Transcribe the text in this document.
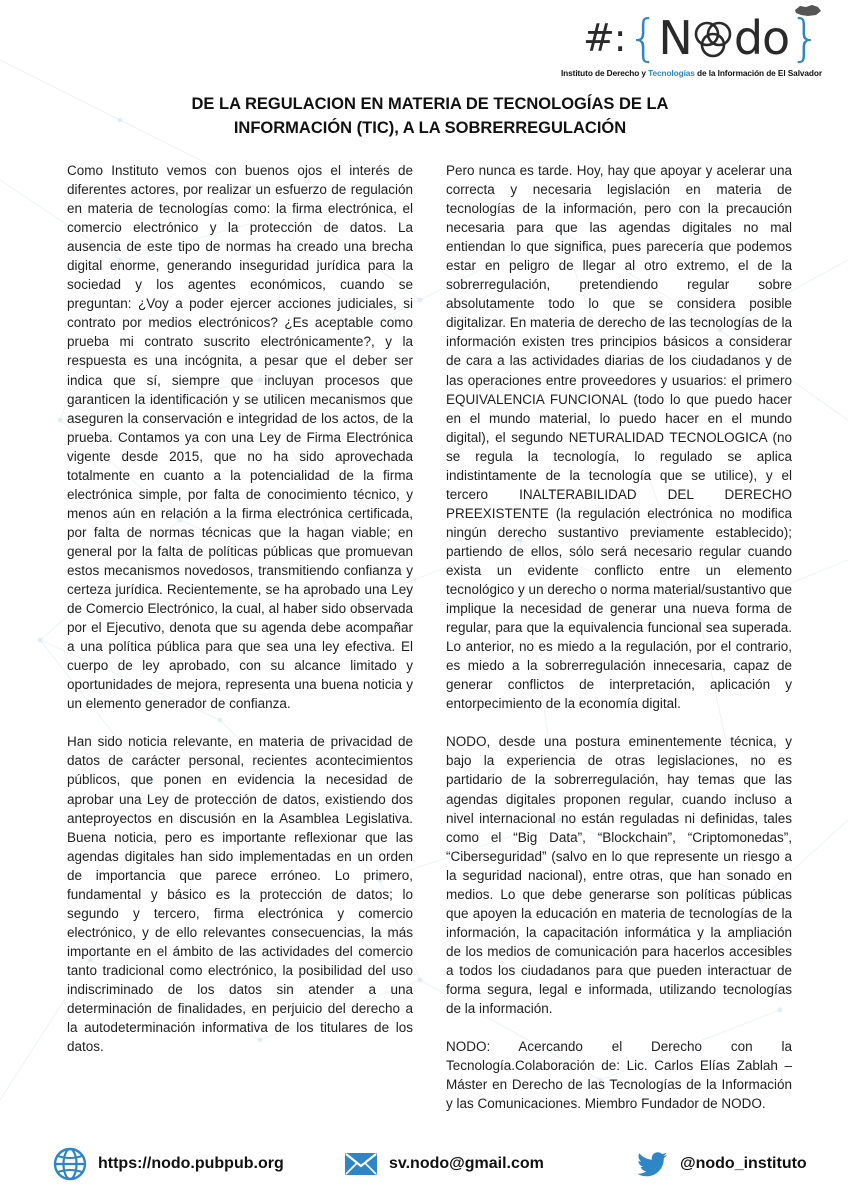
#: { N do }
Instituto de Derecho y Tecnologías de la Información de El Salvador
DE LA REGULACION EN MATERIA DE TECNOLOGÍAS DE LA
INFORMACIÓN (TIC), A LA SOBRERREGULACIÓN

Como Instituto vemos con buenos ojos el interés de diferentes actores, por realizar un esfuerzo de regulación en materia de tecnologías como: la firma electrónica, el comercio electrónico y la protección de datos. La ausencia de este tipo de normas ha creado una brecha digital enorme, generando inseguridad jurídica para la sociedad y los agentes económicos, cuando se preguntan: ¿Voy a poder ejercer acciones judiciales, si contrato por medios electrónicos? ¿Es aceptable como prueba mi contrato suscrito electrónicamente?, y la respuesta es una incógnita, a pesar que el deber ser indica que sí, siempre que incluyan procesos que garanticen la identificación y se utilicen mecanismos que aseguren la conservación e integridad de los actos, de la prueba. Contamos ya con una Ley de Firma Electrónica vigente desde 2015, que no ha sido aprovechada totalmente en cuanto a la potencialidad de la firma electrónica simple, por falta de conocimiento técnico, y menos aún en relación a la firma electrónica certificada, por falta de normas técnicas que la hagan viable; en general por la falta de políticas públicas que promuevan estos mecanismos novedosos, transmitiendo confianza y certeza jurídica. Recientemente, se ha aprobado una Ley de Comercio Electrónico, la cual, al haber sido observada por el Ejecutivo, denota que su agenda debe acompañar a una política pública para que sea una ley efectiva. El cuerpo de ley aprobado, con su alcance limitado y oportunidades de mejora, representa una buena noticia y un elemento generador de confianza.

Han sido noticia relevante, en materia de privacidad de datos de carácter personal, recientes acontecimientos públicos, que ponen en evidencia la necesidad de aprobar una Ley de protección de datos, existiendo dos anteproyectos en discusión en la Asamblea Legislativa. Buena noticia, pero es importante reflexionar que las agendas digitales han sido implementadas en un orden de importancia que parece erróneo. Lo primero, fundamental y básico es la protección de datos; lo segundo y tercero, firma electrónica y comercio electrónico, y de ello relevantes consecuencias, la más importante en el ámbito de las actividades del comercio tanto tradicional como electrónico, la posibilidad del uso indiscriminado de los datos sin atender a una determinación de finalidades, en perjuicio del derecho a la autodeterminación informativa de los titulares de los datos.

Pero nunca es tarde. Hoy, hay que apoyar y acelerar una correcta y necesaria legislación en materia de tecnologías de la información, pero con la precaución necesaria para que las agendas digitales no mal entiendan lo que significa, pues parecería que podemos estar en peligro de llegar al otro extremo, el de la sobrerregulación, pretendiendo regular sobre absolutamente todo lo que se considera posible digitalizar. En materia de derecho de las tecnologías de la información existen tres principios básicos a considerar de cara a las actividades diarias de los ciudadanos y de las operaciones entre proveedores y usuarios: el primero EQUIVALENCIA FUNCIONAL (todo lo que puedo hacer en el mundo material, lo puedo hacer en el mundo digital), el segundo NETURALIDAD TECNOLOGICA (no se regula la tecnología, lo regulado se aplica indistintamente de la tecnología que se utilice), y el tercero INALTERABILIDAD DEL DERECHO PREEXISTENTE (la regulación electrónica no modifica ningún derecho sustantivo previamente establecido); partiendo de ellos, sólo será necesario regular cuando exista un evidente conflicto entre un elemento tecnológico y un derecho o norma material/sustantivo que implique la necesidad de generar una nueva forma de regular, para que la equivalencia funcional sea superada. Lo anterior, no es miedo a la regulación, por el contrario, es miedo a la sobrerregulación innecesaria, capaz de generar conflictos de interpretación, aplicación y entorpecimiento de la economía digital.

NODO, desde una postura eminentemente técnica, y bajo la experiencia de otras legislaciones, no es partidario de la sobrerregulación, hay temas que las agendas digitales proponen regular, cuando incluso a nivel internacional no están reguladas ni definidas, tales como el “Big Data”, “Blockchain”, “Criptomonedas”, “Ciberseguridad” (salvo en lo que represente un riesgo a la seguridad nacional), entre otras, que han sonado en medios. Lo que debe generarse son políticas públicas que apoyen la educación en materia de tecnologías de la información, la capacitación informática y la ampliación de los medios de comunicación para hacerlos accesibles a todos los ciudadanos para que pueden interactuar de forma segura, legal e informada, utilizando tecnologías de la información.

NODO: Acercando el Derecho con la Tecnología.Colaboración de: Lic. Carlos Elías Zablah – Máster en Derecho de las Tecnologías de la Información y las Comunicaciones. Miembro Fundador de NODO.

https://nodo.pubpub.org	sv.nodo@gmail.com	@nodo_instituto
